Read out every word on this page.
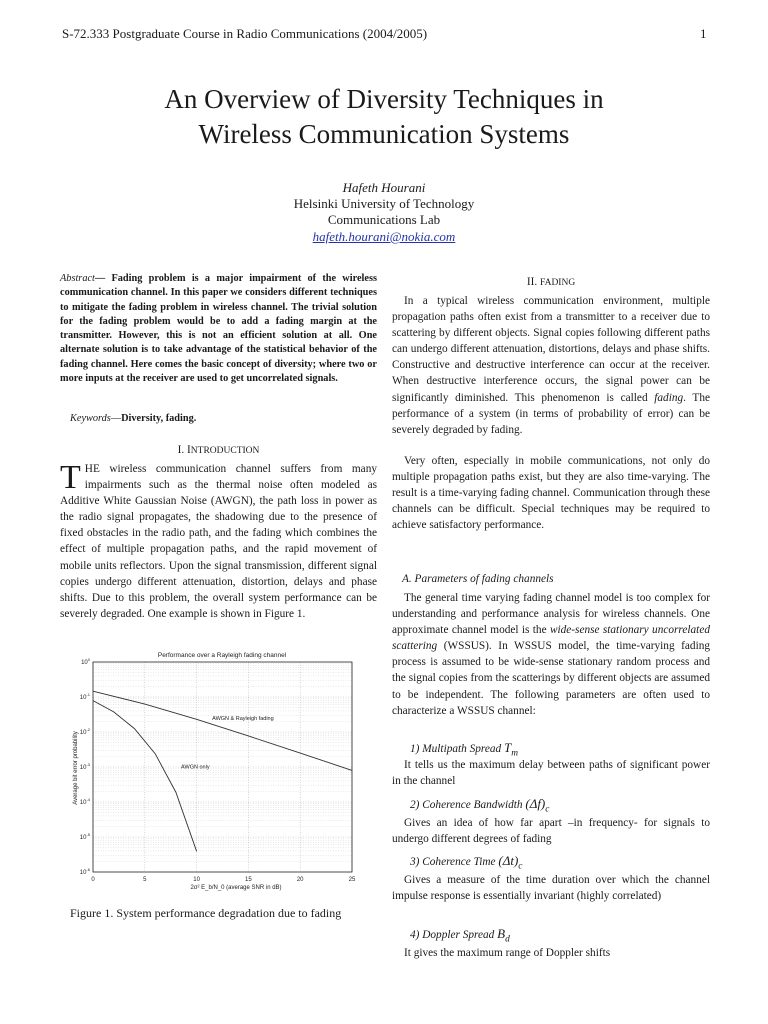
S-72.333 Postgraduate Course in Radio Communications (2004/2005)	1
An Overview of Diversity Techniques in
Wireless Communication Systems
Hafeth Hourani
Helsinki University of Technology
Communications Lab
hafeth.hourani@nokia.com
Abstract— Fading problem is a major impairment of the wireless communication channel. In this paper we considers different techniques to mitigate the fading problem in wireless channel. The trivial solution for the fading problem would be to add a fading margin at the transmitter. However, this is not an efficient solution at all. One alternate solution is to take advantage of the statistical behavior of the fading channel. Here comes the basic concept of diversity; where two or more inputs at the receiver are used to get uncorrelated signals.
Keywords—Diversity, fading.
I. INTRODUCTION
THE wireless communication channel suffers from many impairments such as the thermal noise often modeled as Additive White Gaussian Noise (AWGN), the path loss in power as the radio signal propagates, the shadowing due to the presence of fixed obstacles in the radio path, and the fading which combines the effect of multiple propagation paths, and the rapid movement of mobile units reflectors. Upon the signal transmission, different signal copies undergo different attenuation, distortion, delays and phase shifts. Due to this problem, the overall system performance can be severely degraded. One example is shown in Figure 1.
Performance over a Rayleigh fading channel
Average bit error probability
2σ² E_b/N_0 (average SNR in dB)
0	5	10	15	20	25
$10^0$
$10^{-1}$
$10^{-2}$
$10^{-3}$
$10^{-4}$
$10^{-5}$
$10^{-6}$
AWGN & Rayleigh fading
AWGN only
Figure 1. System performance degradation due to fading
II. FADING
In a typical wireless communication environment, multiple propagation paths often exist from a transmitter to a receiver due to scattering by different objects. Signal copies following different paths can undergo different attenuation, distortions, delays and phase shifts. Constructive and destructive interference can occur at the receiver. When destructive interference occurs, the signal power can be significantly diminished. This phenomenon is called fading. The performance of a system (in terms of probability of error) can be severely degraded by fading.
Very often, especially in mobile communications, not only do multiple propagation paths exist, but they are also time-varying. The result is a time-varying fading channel. Communication through these channels can be difficult. Special techniques may be required to achieve satisfactory performance.
A. Parameters of fading channels
The general time varying fading channel model is too complex for understanding and performance analysis for wireless channels. One approximate channel model is the wide-sense stationary uncorrelated scattering (WSSUS). In WSSUS model, the time-varying fading process is assumed to be wide-sense stationary random process and the signal copies from the scatterings by different objects are assumed to be independent. The following parameters are often used to characterize a WSSUS channel:
1) Multipath Spread $T_m$
It tells us the maximum delay between paths of significant power in the channel
2) Coherence Bandwidth $(\Delta f)_c$
Gives an idea of how far apart –in frequency- for signals to undergo different degrees of fading
3) Coherence Time $(\Delta t)_c$
Gives a measure of the time duration over which the channel impulse response is essentially invariant (highly correlated)
4) Doppler Spread $B_d$
It gives the maximum range of Doppler shifts
